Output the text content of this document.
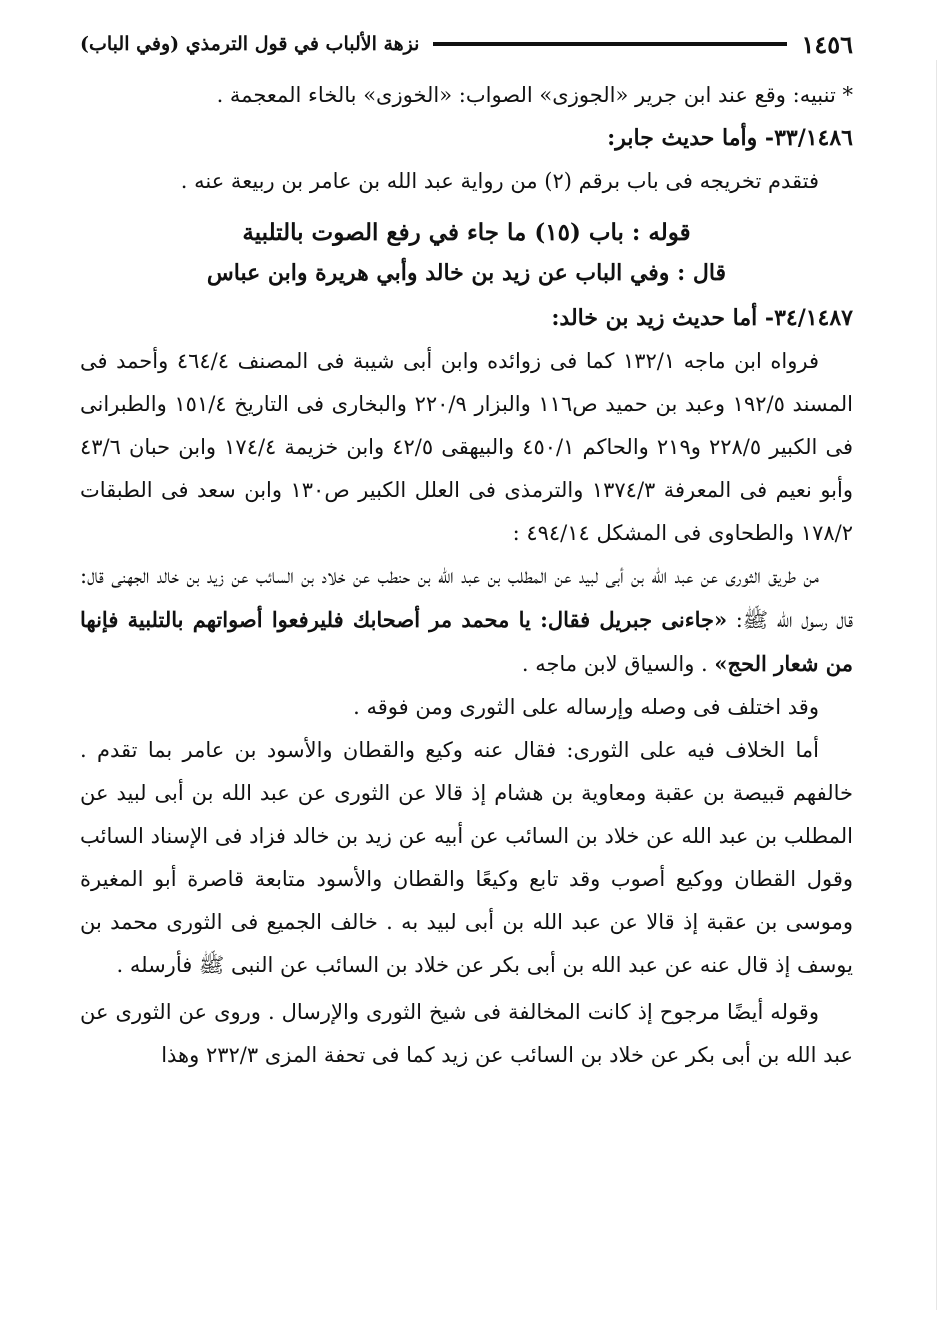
١٤٥٦
نزهة الألباب في قول الترمذي (وفي الباب)

* تنبيه: وقع عند ابن جرير «الجوزى» الصواب: «الخوزى» بالخاء المعجمة .

٣٣/١٤٨٦- وأما حديث جابر:

فتقدم تخريجه فى باب برقم (٢) من رواية عبد الله بن عامر بن ربيعة عنه .

قوله : باب (١٥) ما جاء في رفع الصوت بالتلبية

قال : وفي الباب عن زيد بن خالد وأبي هريرة وابن عباس

٣٤/١٤٨٧- أما حديث زيد بن خالد:

فرواه ابن ماجه ١٣٢/١ كما فى زوائده وابن أبى شيبة فى المصنف ٤٦٤/٤ وأحمد فى المسند ١٩٢/٥ وعبد بن حميد ص١١٦ والبزار ٢٢٠/٩ والبخارى فى التاريخ ١٥١/٤ والطبرانى فى الكبير ٢٢٨/٥ و٢١٩ والحاكم ٤٥٠/١ والبيهقى ٤٢/٥ وابن خزيمة ١٧٤/٤ وابن حبان ٤٣/٦ وأبو نعيم فى المعرفة ١٣٧٤/٣ والترمذى فى العلل الكبير ص١٣٠ وابن سعد فى الطبقات ١٧٨/٢ والطحاوى فى المشكل ٤٩٤/١٤ :

من طريق الثورى عن عبد الله بن أبى لبيد عن المطلب بن عبد الله بن حنطب عن خلاد بن السائب عن زيد بن خالد الجهنى قال: قال رسول الله ﷺ: «جاءنى جبريل فقال: يا محمد مر أصحابك فليرفعوا أصواتهم بالتلبية فإنها من شعار الحج» . والسياق لابن ماجه .

وقد اختلف فى وصله وإرساله على الثورى ومن فوقه .

أما الخلاف فيه على الثورى: فقال عنه وكيع والقطان والأسود بن عامر بما تقدم . خالفهم قبيصة بن عقبة ومعاوية بن هشام إذ قالا عن الثورى عن عبد الله بن أبى لبيد عن المطلب بن عبد الله عن خلاد بن السائب عن أبيه عن زيد بن خالد فزاد فى الإسناد السائب وقول القطان ووكيع أصوب وقد تابع وكيعًا والقطان والأسود متابعة قاصرة أبو المغيرة وموسى بن عقبة إذ قالا عن عبد الله بن أبى لبيد به . خالف الجميع فى الثورى محمد بن يوسف إذ قال عنه عن عبد الله بن أبى بكر عن خلاد بن السائب عن النبى ﷺ فأرسله .

وقوله أيضًا مرجوح إذ كانت المخالفة فى شيخ الثورى والإرسال . وروى عن الثورى عن عبد الله بن أبى بكر عن خلاد بن السائب عن زيد كما فى تحفة المزى ٢٣٢/٣ وهذا
